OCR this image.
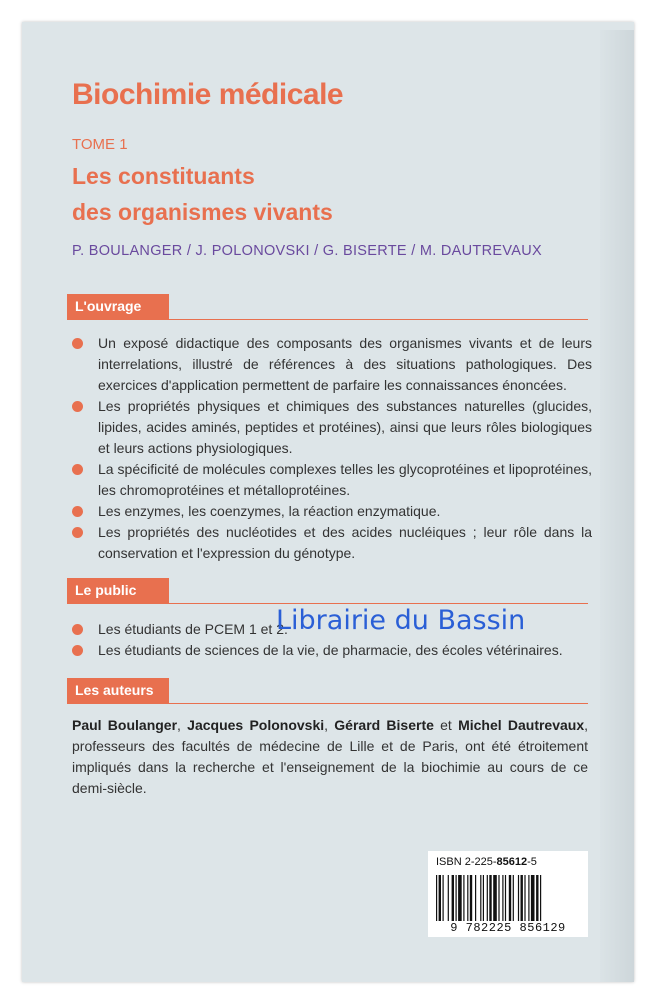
Biochimie médicale
TOME 1
Les constituants
des organismes vivants
P. BOULANGER / J. POLONOVSKI / G. BISERTE / M. DAUTREVAUX
L'ouvrage
Un exposé didactique des composants des organismes vivants et de leurs interrelations, illustré de références à des situations pathologiques. Des exercices d'application permettent de parfaire les connaissances énoncées.
Les propriétés physiques et chimiques des substances naturelles (glucides, lipides, acides aminés, peptides et protéines), ainsi que leurs rôles biologiques et leurs actions physiologiques.
La spécificité de molécules complexes telles les glycoprotéines et lipoprotéines, les chromoprotéines et métalloprotéines.
Les enzymes, les coenzymes, la réaction enzymatique.
Les propriétés des nucléotides et des acides nucléiques ; leur rôle dans la conservation et l'expression du génotype.
Le public
Les étudiants de PCEM 1 et 2.
Les étudiants de sciences de la vie, de pharmacie, des écoles vétérinaires.
Librairie du Bassin
Les auteurs
Paul Boulanger, Jacques Polonovski, Gérard Biserte et Michel Dautrevaux, professeurs des facultés de médecine de Lille et de Paris, ont été étroitement impliqués dans la recherche et l'enseignement de la biochimie au cours de ce demi-siècle.
ISBN 2-225-85612-5
9 782225 856129
